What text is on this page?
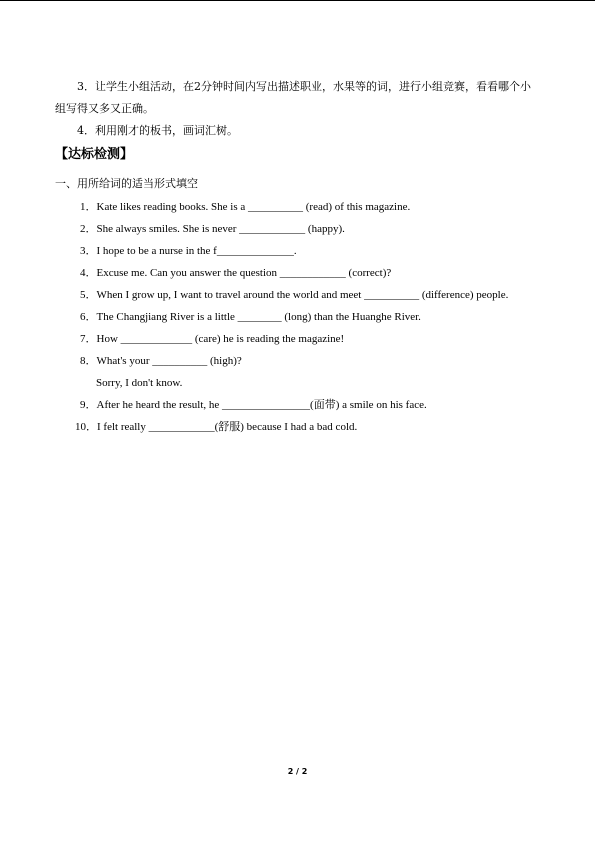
3．让学生小组活动，在2分钟时间内写出描述职业，水果等的词，进行小组竞赛，看看哪个小组写得又多又正确。

4．利用刚才的板书，画词汇树。

【达标检测】
一、用所给词的适当形式填空
1．Kate likes reading books. She is a __________ (read) of this magazine.
2．She always smiles. She is never ____________ (happy).
3．I hope to be a nurse in the f______________.
4．Excuse me. Can you answer the question ____________ (correct)?
5．When I grow up, I want to travel around the world and meet __________ (difference) people.
6．The Changjiang River is a little ________ (long) than the Huanghe River.
7．How _____________ (care) he is reading the magazine!
8．What's your __________ (high)?
Sorry, I don't know.
9．After he heard the result, he ________________(面带) a smile on his face.
10．I felt really ____________(舒服) because I had a bad cold.
2 / 2
